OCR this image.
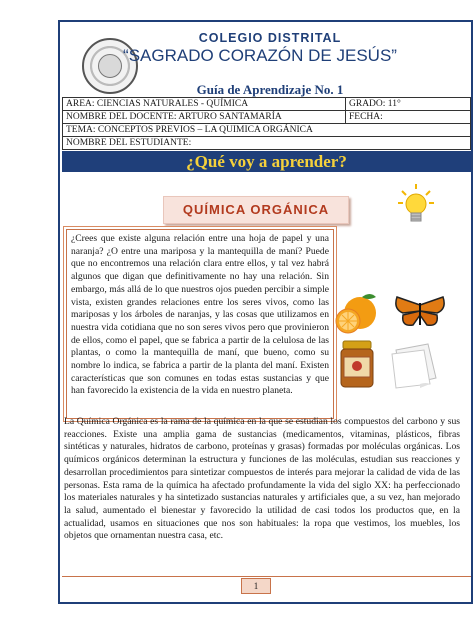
COLEGIO DISTRITAL
“SAGRADO CORAZÓN DE JESÚS”
Guía de Aprendizaje No. 1
AREA: CIENCIAS NATURALES - QUÍMICA	GRADO: 11°
NOMBRE DEL DOCENTE: ARTURO SANTAMARÍA	FECHA:
TEMA: CONCEPTOS PREVIOS – LA QUIMICA ORGÁNICA	
NOMBRE DEL ESTUDIANTE:	
¿Qué voy a aprender?
QUÍMICA ORGÁNICA
¿Crees que existe alguna relación entre una hoja de papel y una naranja? ¿O entre una mariposa y la mantequilla de maní? Puede que no encontremos una relación clara entre ellos, y tal vez habrá algunos que digan que definitivamente no hay una relación. Sin embargo, más allá de lo que nuestros ojos pueden percibir a simple vista, existen grandes relaciones entre los seres vivos, como las mariposas y los árboles de naranjas, y las cosas que utilizamos en nuestra vida cotidiana que no son seres vivos pero que provinieron de ellos, como el papel, que se fabrica a partir de la celulosa de las plantas, o como la mantequilla de maní, que bueno, como su nombre lo indica, se fabrica a partir de la planta del maní. Existen características que son comunes en todas estas sustancias y que han favorecido la existencia de la vida en nuestro planeta.
La Química Orgánica es la rama de la química en la que se estudian los compuestos del carbono y sus reacciones. Existe una amplia gama de sustancias (medicamentos, vitaminas, plásticos, fibras sintéticas y naturales, hidratos de carbono, proteínas y grasas) formadas por moléculas orgánicas. Los químicos orgánicos determinan la estructura y funciones de las moléculas, estudian sus reacciones y desarrollan procedimientos para sintetizar compuestos de interés para mejorar la calidad de vida de las personas. Esta rama de la química ha afectado profundamente la vida del siglo XX: ha perfeccionado los materiales naturales y ha sintetizado sustancias naturales y artificiales que, a su vez, han mejorado la salud, aumentado el bienestar y favorecido la utilidad de casi todos los productos que, en la actualidad, usamos en situaciones que nos son habituales: la ropa que vestimos, los muebles, los objetos que ornamentan nuestra casa, etc.
1
